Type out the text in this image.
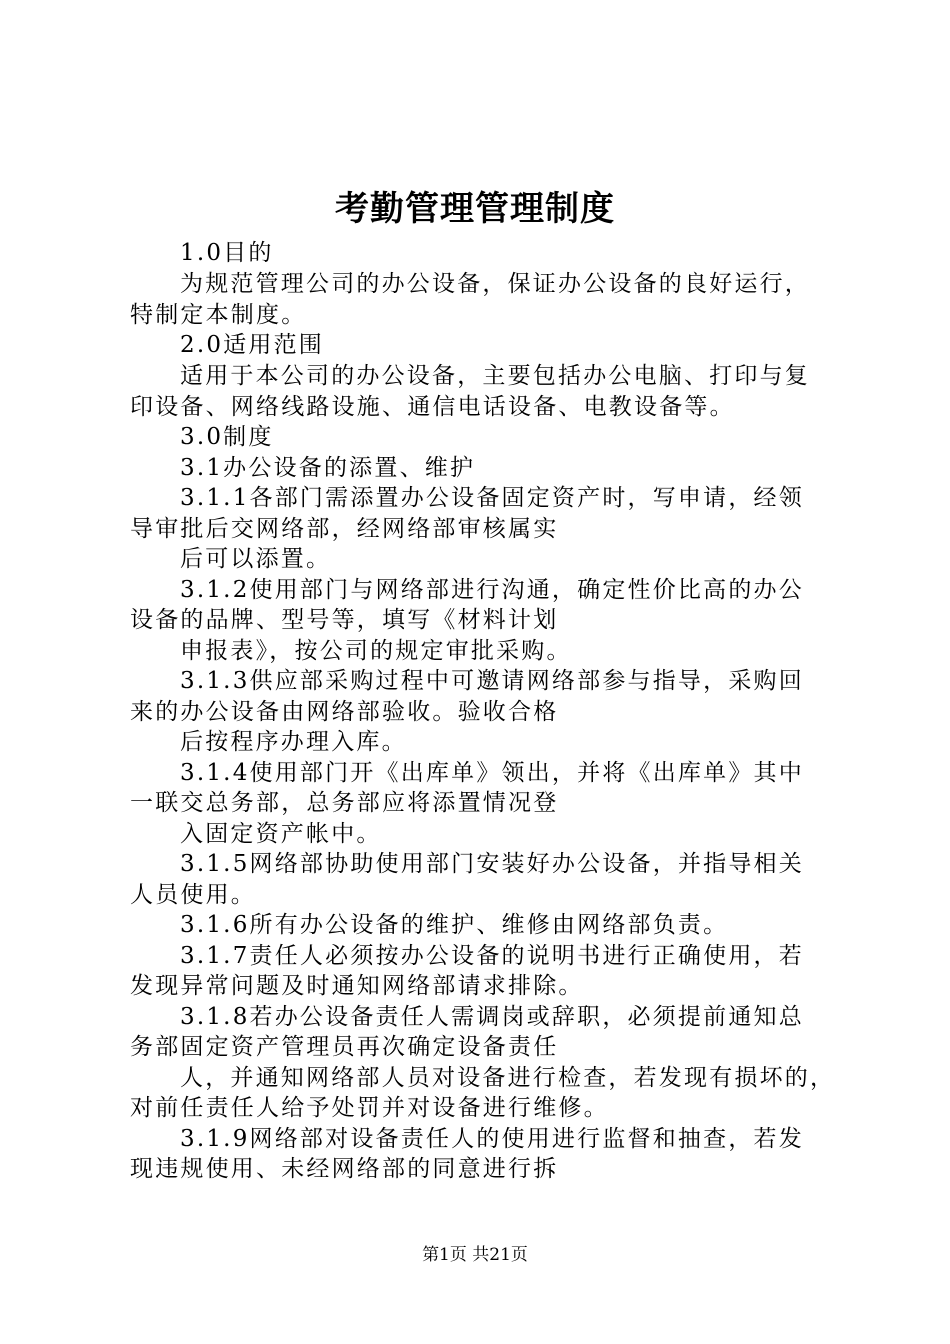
考勤管理管理制度
1.0目的
为规范管理公司的办公设备，保证办公设备的良好运行，
特制定本制度。
2.0适用范围
适用于本公司的办公设备，主要包括办公电脑、打印与复
印设备、网络线路设施、通信电话设备、电教设备等。
3.0制度
3.1办公设备的添置、维护
3.1.1各部门需添置办公设备固定资产时，写申请，经领
导审批后交网络部，经网络部审核属实
后可以添置。
3.1.2使用部门与网络部进行沟通，确定性价比高的办公
设备的品牌、型号等，填写《材料计划
申报表》，按公司的规定审批采购。
3.1.3供应部采购过程中可邀请网络部参与指导，采购回
来的办公设备由网络部验收。验收合格
后按程序办理入库。
3.1.4使用部门开《出库单》领出，并将《出库单》其中
一联交总务部，总务部应将添置情况登
入固定资产帐中。
3.1.5网络部协助使用部门安装好办公设备，并指导相关
人员使用。
3.1.6所有办公设备的维护、维修由网络部负责。
3.1.7责任人必须按办公设备的说明书进行正确使用，若
发现异常问题及时通知网络部请求排除。
3.1.8若办公设备责任人需调岗或辞职，必须提前通知总
务部固定资产管理员再次确定设备责任
人，并通知网络部人员对设备进行检查，若发现有损坏的，
对前任责任人给予处罚并对设备进行维修。
3.1.9网络部对设备责任人的使用进行监督和抽查，若发
现违规使用、未经网络部的同意进行拆
第1页 共21页
